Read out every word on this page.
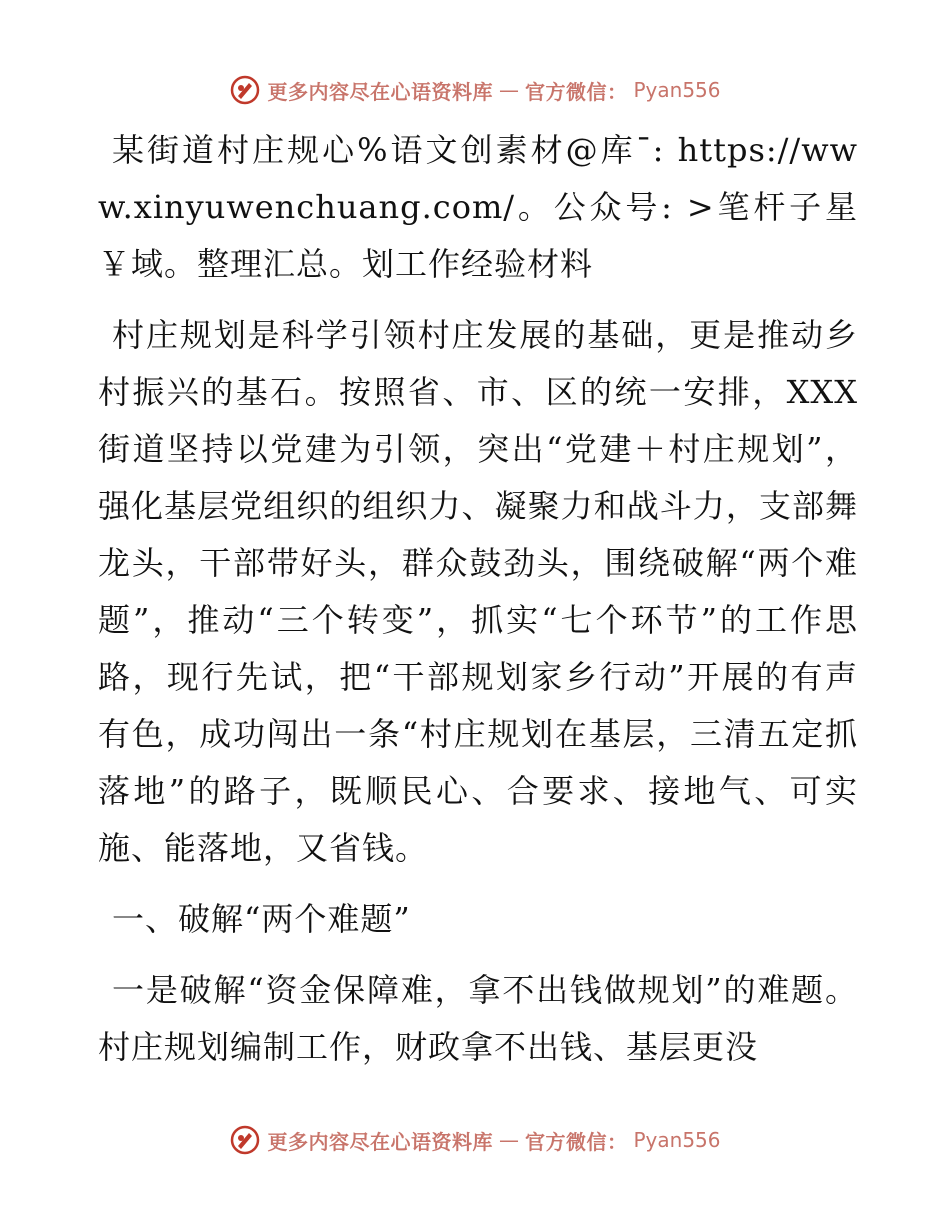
更多内容尽在心语资料库 — 官方微信： Pyan556

某街道村庄规心%语文创素材@库¯: https://www.xinyuwenchuang.com/。公众号: >笔杆子星￥域。整理汇总。划工作经验材料

村庄规划是科学引领村庄发展的基础，更是推动乡村振兴的基石。按照省、市、区的统一安排，XXX街道坚持以党建为引领，突出“党建＋村庄规划”，强化基层党组织的组织力、凝聚力和战斗力，支部舞龙头，干部带好头，群众鼓劲头，围绕破解“两个难题”，推动“三个转变”，抓实“七个环节”的工作思路，现行先试，把“干部规划家乡行动”开展的有声有色，成功闯出一条“村庄规划在基层，三清五定抓落地”的路子，既顺民心、合要求、接地气、可实施、能落地，又省钱。

一、破解“两个难题”

一是破解“资金保障难，拿不出钱做规划”的难题。村庄规划编制工作，财政拿不出钱、基层更没

更多内容尽在心语资料库 — 官方微信： Pyan556
